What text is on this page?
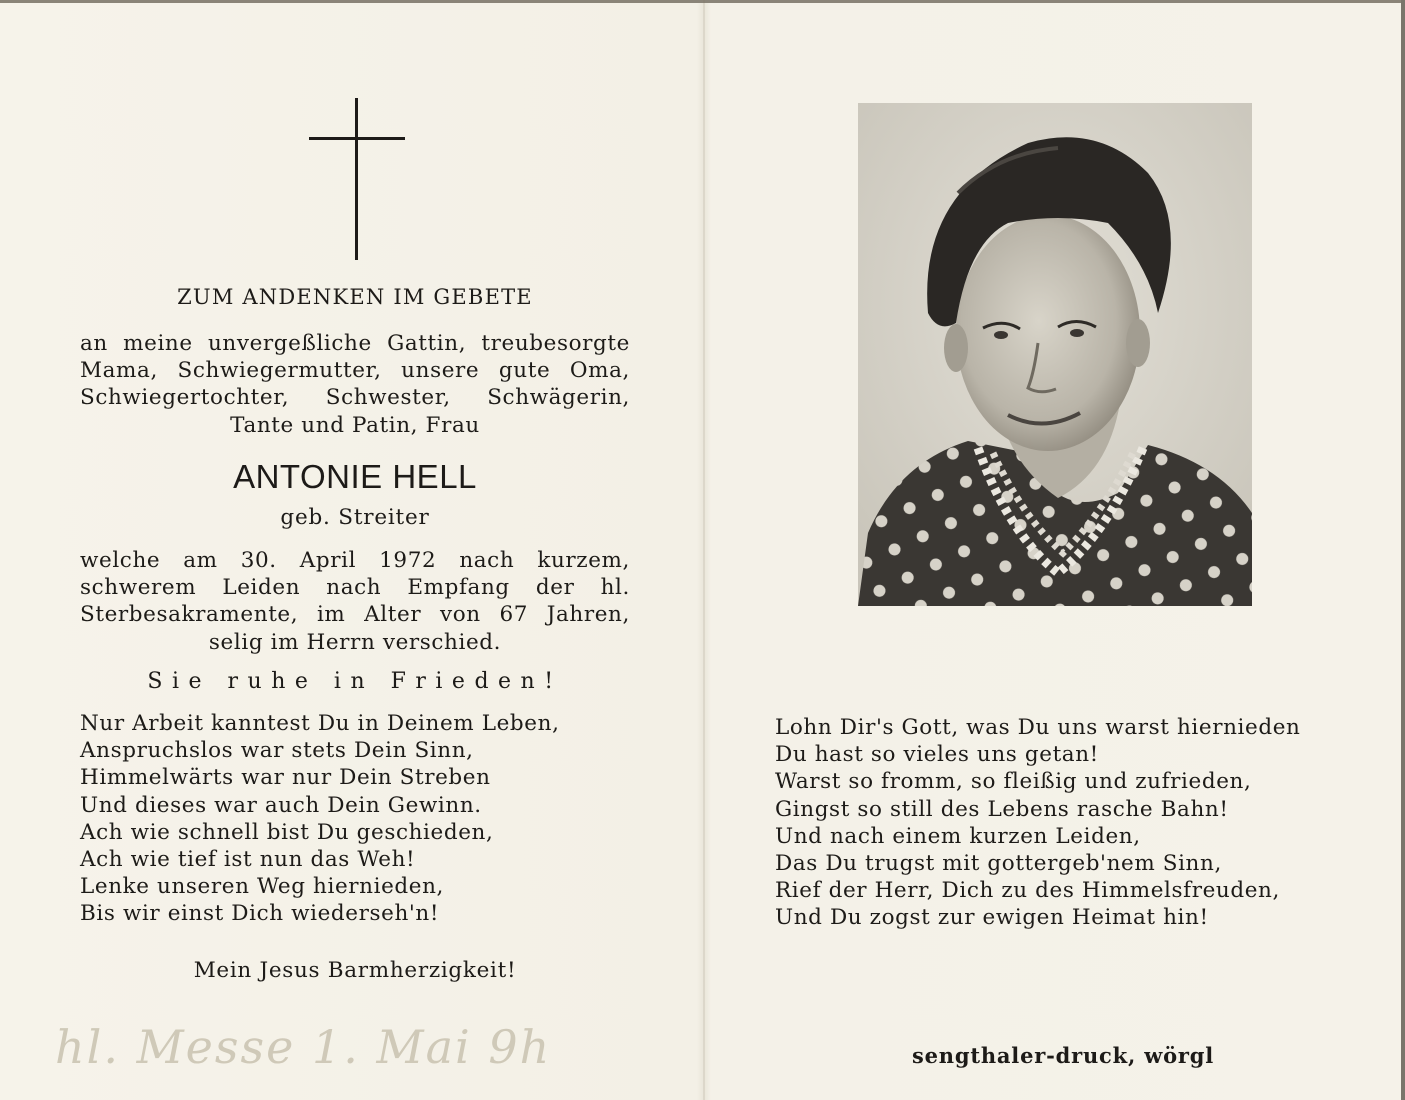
ZUM ANDENKEN IM GEBETE
an meine unvergeßliche Gattin, treubesorgte
Mama, Schwiegermutter, unsere gute Oma,
Schwiegertochter, Schwester, Schwägerin,
Tante und Patin, Frau
ANTONIE HELL
geb. Streiter
welche am 30. April 1972 nach kurzem,
schwerem Leiden nach Empfang der hl.
Sterbesakramente, im Alter von 67 Jahren,
selig im Herrn verschied.
Sie ruhe in Frieden!
Nur Arbeit kanntest Du in Deinem Leben,
Anspruchslos war stets Dein Sinn,
Himmelwärts war nur Dein Streben
Und dieses war auch Dein Gewinn.
Ach wie schnell bist Du geschieden,
Ach wie tief ist nun das Weh!
Lenke unseren Weg hiernieden,
Bis wir einst Dich wiederseh'n!
Mein Jesus Barmherzigkeit!
hl. Messe 1. Mai 9h
Lohn Dir's Gott, was Du uns warst hiernieden
Du hast so vieles uns getan!
Warst so fromm, so fleißig und zufrieden,
Gingst so still des Lebens rasche Bahn!
Und nach einem kurzen Leiden,
Das Du trugst mit gottergeb'nem Sinn,
Rief der Herr, Dich zu des Himmelsfreuden,
Und Du zogst zur ewigen Heimat hin!
sengthaler-druck, wörgl
